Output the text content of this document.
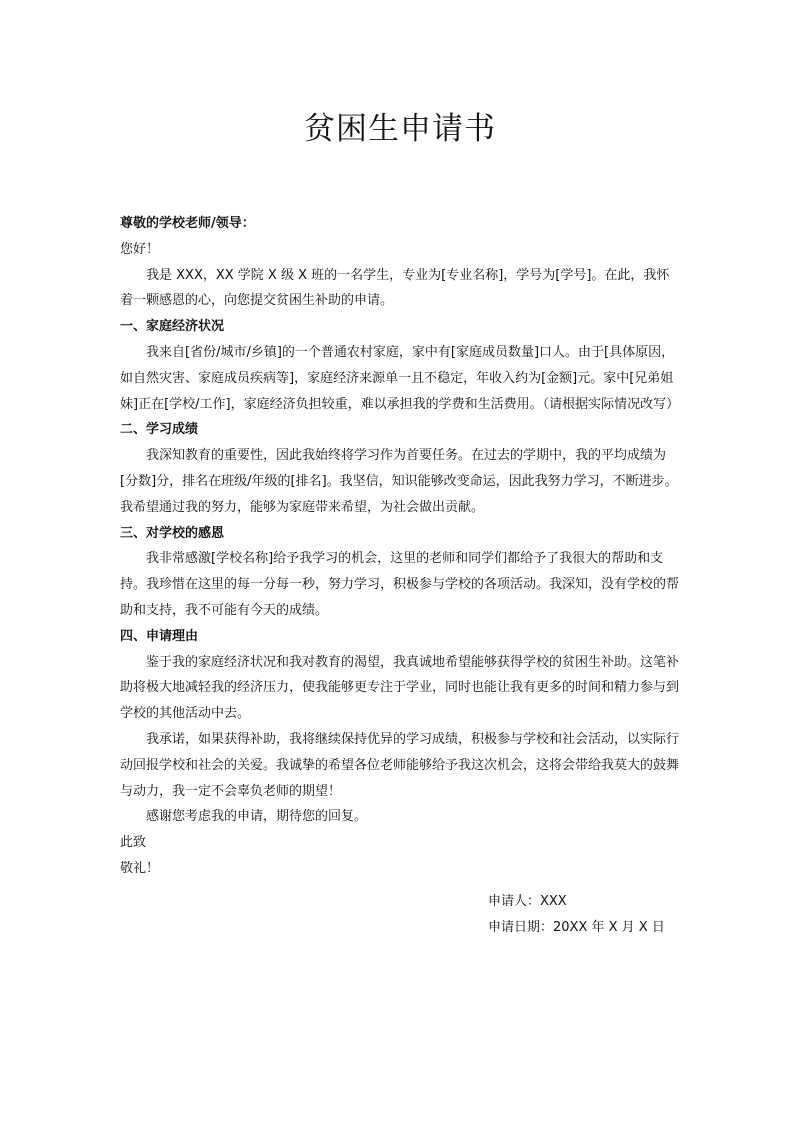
贫困生申请书

尊敬的学校老师/领导：

您好！

我是 XXX，XX 学院 X 级 X 班的一名学生，专业为[专业名称]，学号为[学号]。在此，我怀着一颗感恩的心，向您提交贫困生补助的申请。

一、家庭经济状况

我来自[省份/城市/乡镇]的一个普通农村家庭，家中有[家庭成员数量]口人。由于[具体原因，如自然灾害、家庭成员疾病等]，家庭经济来源单一且不稳定，年收入约为[金额]元。家中[兄弟姐妹]正在[学校/工作]，家庭经济负担较重，难以承担我的学费和生活费用。（请根据实际情况改写）

二、学习成绩

我深知教育的重要性，因此我始终将学习作为首要任务。在过去的学期中，我的平均成绩为[分数]分，排名在班级/年级的[排名]。我坚信，知识能够改变命运，因此我努力学习，不断进步。我希望通过我的努力，能够为家庭带来希望，为社会做出贡献。

三、对学校的感恩

我非常感激[学校名称]给予我学习的机会，这里的老师和同学们都给予了我很大的帮助和支持。我珍惜在这里的每一分每一秒，努力学习，积极参与学校的各项活动。我深知，没有学校的帮助和支持，我不可能有今天的成绩。

四、申请理由

鉴于我的家庭经济状况和我对教育的渴望，我真诚地希望能够获得学校的贫困生补助。这笔补助将极大地减轻我的经济压力，使我能够更专注于学业，同时也能让我有更多的时间和精力参与到学校的其他活动中去。

我承诺，如果获得补助，我将继续保持优异的学习成绩，积极参与学校和社会活动，以实际行动回报学校和社会的关爱。我诚挚的希望各位老师能够给予我这次机会，这将会带给我莫大的鼓舞与动力，我一定不会辜负老师的期望！

感谢您考虑我的申请，期待您的回复。

此致

敬礼！

申请人：XXX
申请日期：20XX 年 X 月 X 日
